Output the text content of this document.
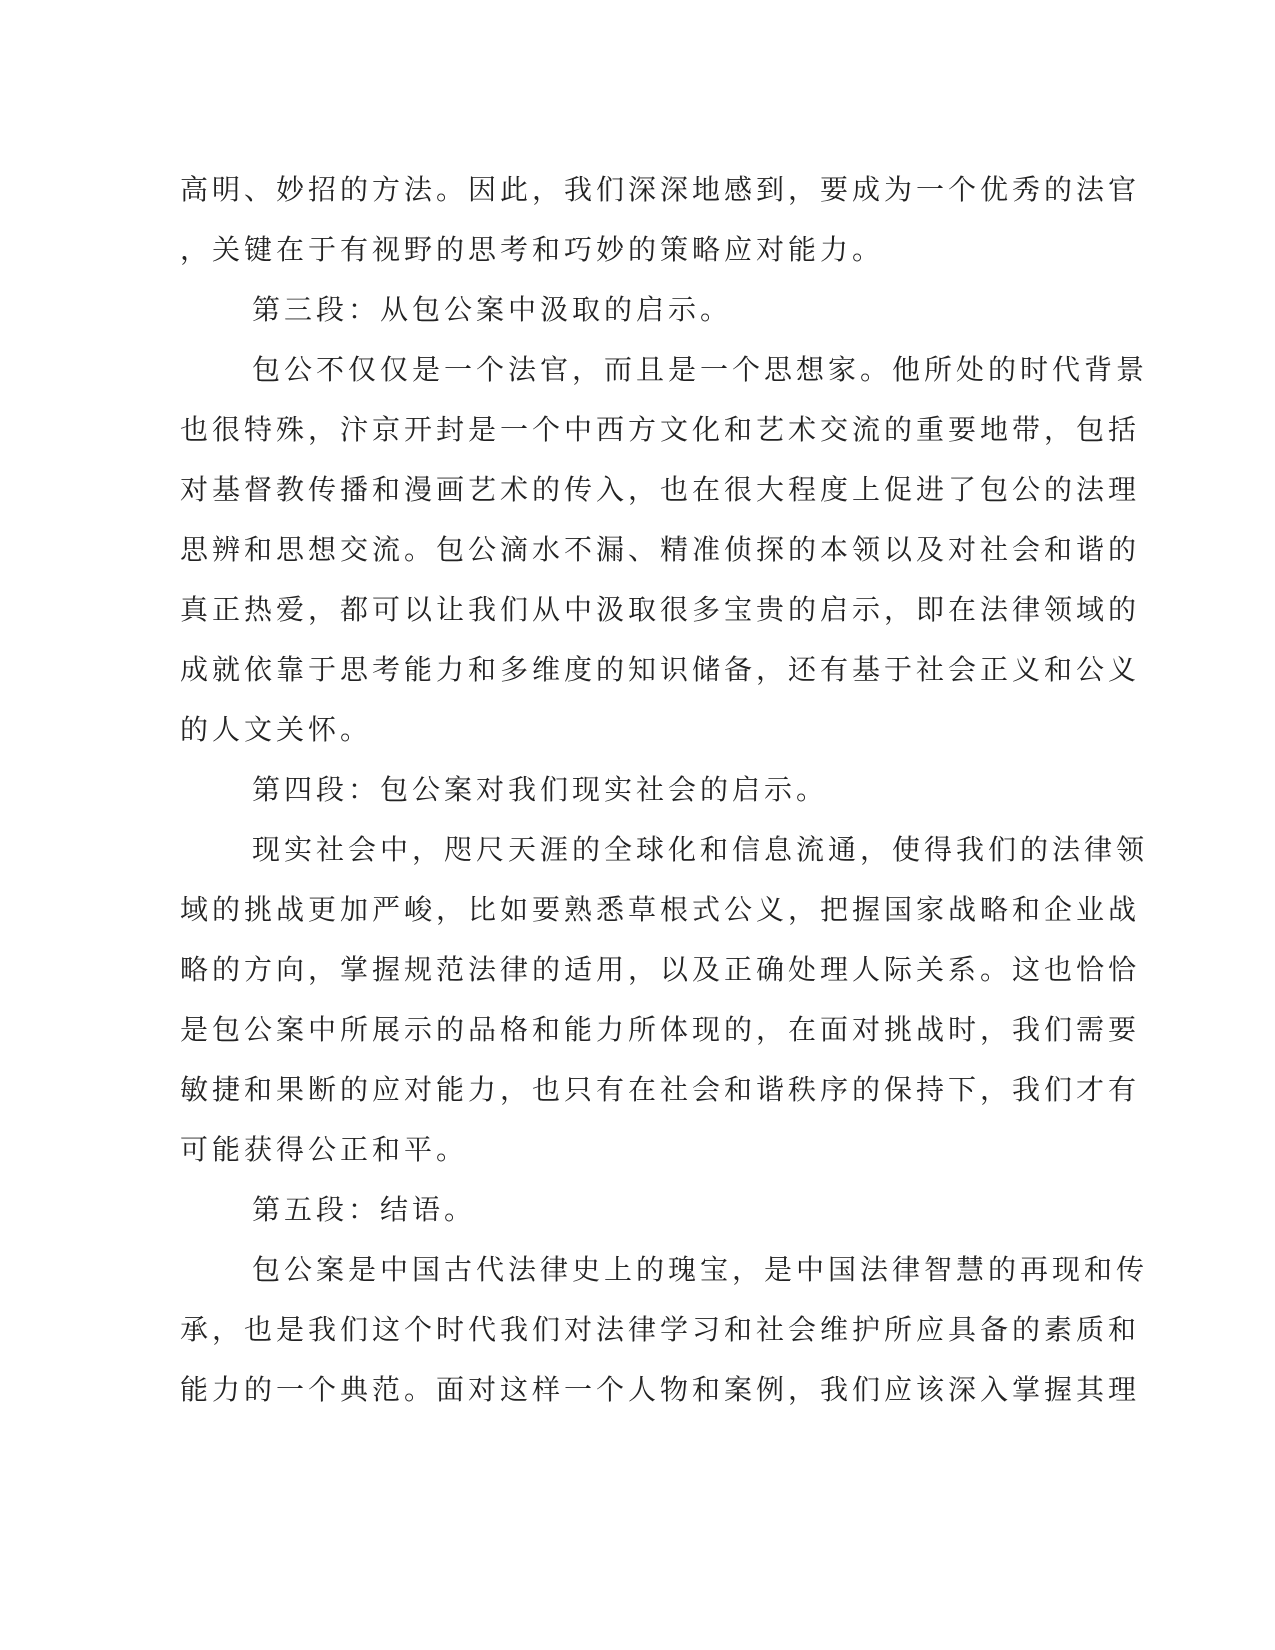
高明、妙招的方法。因此，我们深深地感到，要成为一个优秀的法官
，关键在于有视野的思考和巧妙的策略应对能力。
第三段：从包公案中汲取的启示。
包公不仅仅是一个法官，而且是一个思想家。他所处的时代背景
也很特殊，汴京开封是一个中西方文化和艺术交流的重要地带，包括
对基督教传播和漫画艺术的传入，也在很大程度上促进了包公的法理
思辨和思想交流。包公滴水不漏、精准侦探的本领以及对社会和谐的
真正热爱，都可以让我们从中汲取很多宝贵的启示，即在法律领域的
成就依靠于思考能力和多维度的知识储备，还有基于社会正义和公义
的人文关怀。
第四段：包公案对我们现实社会的启示。
现实社会中，咫尺天涯的全球化和信息流通，使得我们的法律领
域的挑战更加严峻，比如要熟悉草根式公义，把握国家战略和企业战
略的方向，掌握规范法律的适用，以及正确处理人际关系。这也恰恰
是包公案中所展示的品格和能力所体现的，在面对挑战时，我们需要
敏捷和果断的应对能力，也只有在社会和谐秩序的保持下，我们才有
可能获得公正和平。
第五段：结语。
包公案是中国古代法律史上的瑰宝，是中国法律智慧的再现和传
承，也是我们这个时代我们对法律学习和社会维护所应具备的素质和
能力的一个典范。面对这样一个人物和案例，我们应该深入掌握其理
